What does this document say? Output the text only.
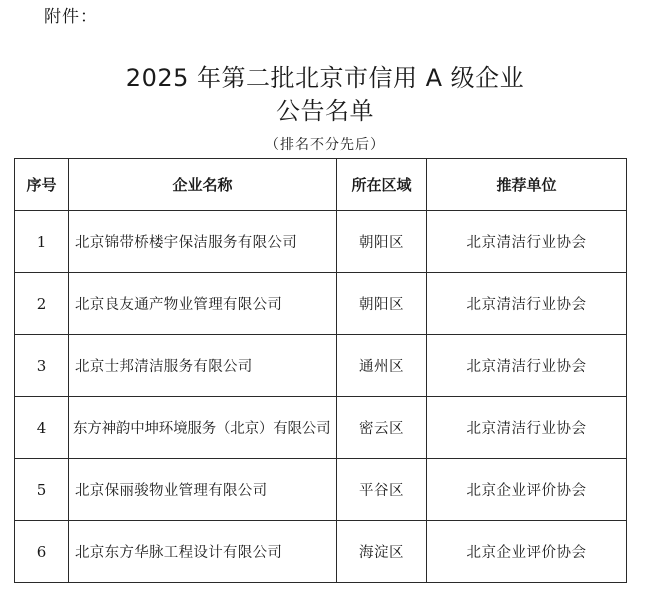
附件：
2025 年第二批北京市信用 A 级企业
公告名单
（排名不分先后）
序号	企业名称	所在区域	推荐单位
1	北京锦带桥楼宇保洁服务有限公司	朝阳区	北京清洁行业协会
2	北京良友通产物业管理有限公司	朝阳区	北京清洁行业协会
3	北京士邦清洁服务有限公司	通州区	北京清洁行业协会
4	东方神韵中坤环境服务（北京）有限公司	密云区	北京清洁行业协会
5	北京保丽骏物业管理有限公司	平谷区	北京企业评价协会
6	北京东方华脉工程设计有限公司	海淀区	北京企业评价协会
